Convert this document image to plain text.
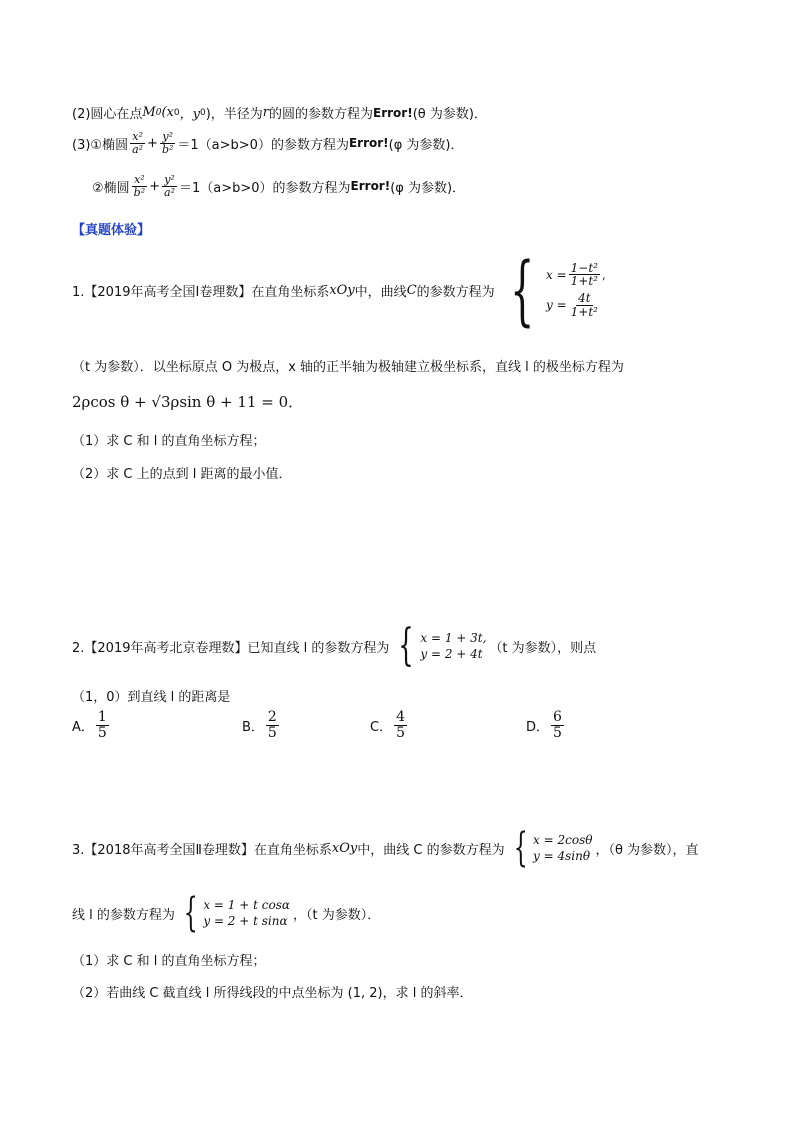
(2)圆心在点 M 0 (x 0 ，y 0 )，半径为 r 的圆的参数方程为 Error! (θ 为参数)．
(3)①椭圆 $\frac{\text{x²}}{\text{a²}} + \frac{\text{y²}}{\text{b²}} =1(a>b>0)$的参数方程为 Error! (φ 为参数)．
②椭圆 $\frac{\text{x²}}{\text{b²}} + \frac{\text{y²}}{\text{a²}} =1(a>b>0)$的参数方程为 Error! (φ 为参数)．
【真题体验】
1.【2019年高考全国Ⅰ卷理数】在直角坐标系 xOy 中，曲线 C 的参数方程为 { $x = \frac{\text{1−t²}}{\text{1+t²}}$ ,
$y = \frac{4t}{\text{1+t²}}$
（t 为参数）．以坐标原点 O 为极点，x 轴的正半轴为极轴建立极坐标系，直线 l 的极坐标方程为
2ρcos θ + √3ρsin θ + 11 = 0 ．
（1）求 C 和 l 的直角坐标方程；
（2）求 C 上的点到 l 距离的最小值．
2.【2019年高考北京卷理数】已知直线 l 的参数方程为 { x = 1 + 3t,
y = 2 + 4t （t 为参数），则点
（1，0）到直线 l 的距离是
A． $\frac{1}{5}$	B． $\frac{2}{5}$	C． $\frac{4}{5}$	D． $\frac{6}{5}$
3.【2018年高考全国Ⅱ卷理数】在直角坐标系 xOy 中，曲线 C 的参数方程为 { x = 2cosθ
y = 4sinθ ，（θ 为参数），直
线 l 的参数方程为 { x = 1 + t cosα
y = 2 + t sinα ，（t 为参数）．
（1）求 C 和 l 的直角坐标方程；
（2）若曲线 C 截直线 l 所得线段的中点坐标为 (1, 2)，求 l 的斜率．
